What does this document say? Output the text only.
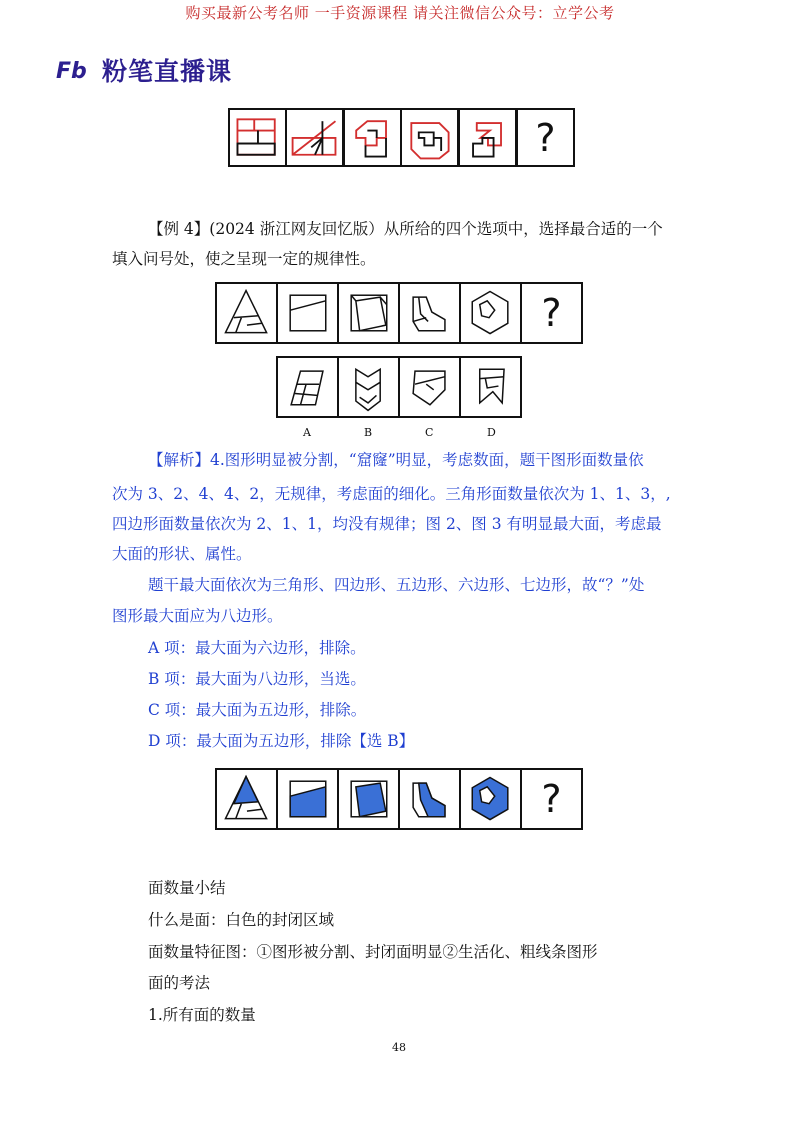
购买最新公考名师 一手资源课程 请关注微信公众号：立学公考
Fb 粉笔直播课
?
【例 4】(2024 浙江网友回忆版）从所给的四个选项中，选择最合适的一个
填入问号处，使之呈现一定的规律性。
?
A	B	C	D
【解析】4.图形明显被分割，“窟窿”明显，考虑数面，题干图形面数量依
次为 3、2、4、4、2，无规律，考虑面的细化。三角形面数量依次为 1、1、3，,
四边形面数量依次为 2、1、1，均没有规律；图 2、图 3 有明显最大面，考虑最
大面的形状、属性。
题干最大面依次为三角形、四边形、五边形、六边形、七边形，故“？”处
图形最大面应为八边形。
A 项：最大面为六边形，排除。
B 项：最大面为八边形，当选。
C 项：最大面为五边形，排除。
D 项：最大面为五边形，排除【选 B】
?
面数量小结
什么是面：白色的封闭区域
面数量特征图：①图形被分割、封闭面明显②生活化、粗线条图形
面的考法
1.所有面的数量
48
